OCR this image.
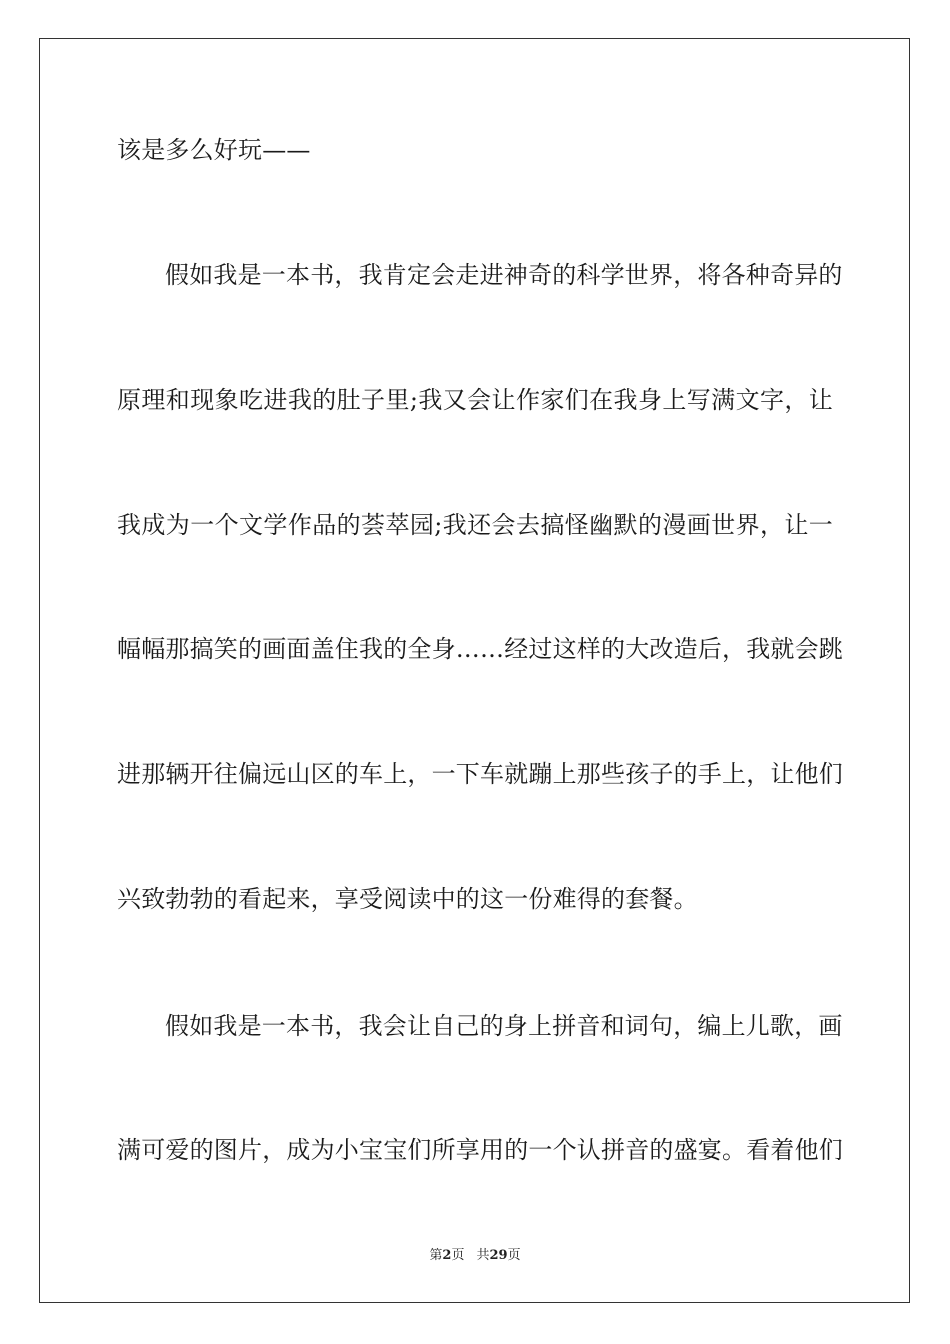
该是多么好玩——
假如我是一本书，我肯定会走进神奇的科学世界，将各种奇异的
原理和现象吃进我的肚子里;我又会让作家们在我身上写满文字，让
我成为一个文学作品的荟萃园;我还会去搞怪幽默的漫画世界，让一
幅幅那搞笑的画面盖住我的全身……经过这样的大改造后，我就会跳
进那辆开往偏远山区的车上，一下车就蹦上那些孩子的手上，让他们
兴致勃勃的看起来，享受阅读中的这一份难得的套餐。
假如我是一本书，我会让自己的身上拼音和词句，编上儿歌，画
满可爱的图片，成为小宝宝们所享用的一个认拼音的盛宴。看着他们
第2页 共29页
